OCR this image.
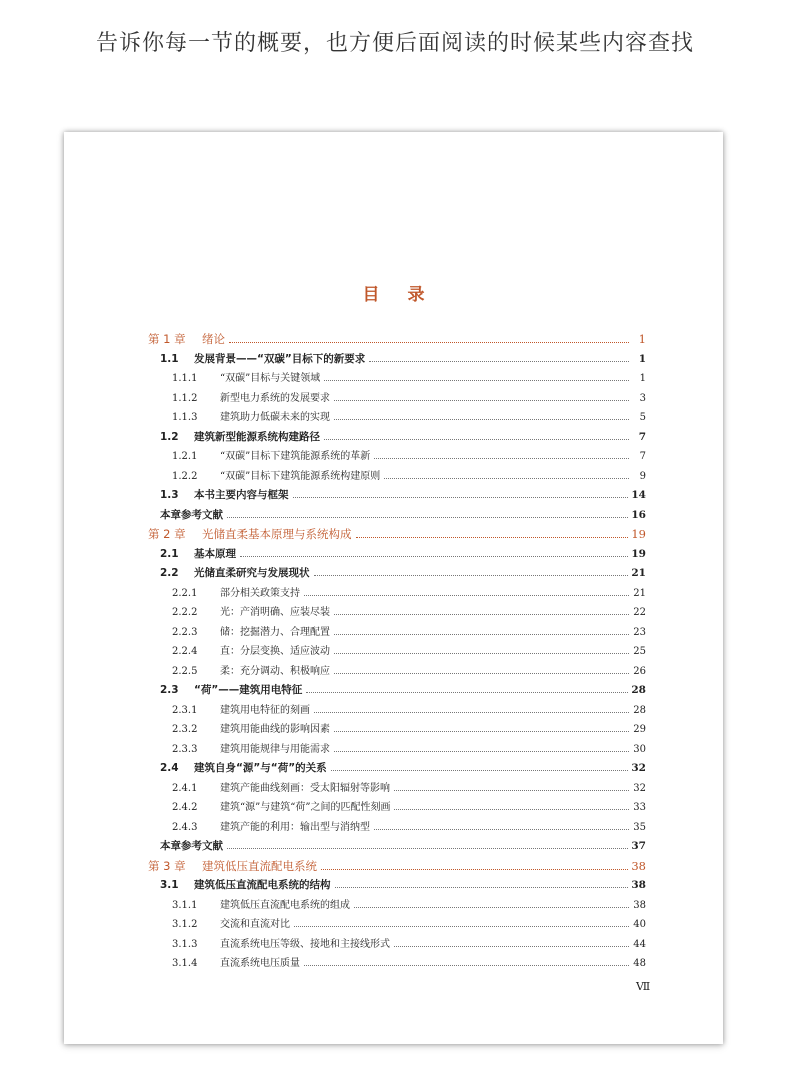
告诉你每一节的概要，也方便后面阅读的时候某些内容查找
目录
第 1 章	绪论	1
1.1	发展背景——“双碳”目标下的新要求	1
1.1.1	“双碳”目标与关键领域	1
1.1.2	新型电力系统的发展要求	3
1.1.3	建筑助力低碳未来的实现	5
1.2	建筑新型能源系统构建路径	7
1.2.1	“双碳”目标下建筑能源系统的革新	7
1.2.2	“双碳”目标下建筑能源系统构建原则	9
1.3	本书主要内容与框架	14
本章参考文献	16
第 2 章	光储直柔基本原理与系统构成	19
2.1	基本原理	19
2.2	光储直柔研究与发展现状	21
2.2.1	部分相关政策支持	21
2.2.2	光：产消明确、应装尽装	22
2.2.3	储：挖掘潜力、合理配置	23
2.2.4	直：分层变换、适应波动	25
2.2.5	柔：充分调动、积极响应	26
2.3	“荷”——建筑用电特征	28
2.3.1	建筑用电特征的刻画	28
2.3.2	建筑用能曲线的影响因素	29
2.3.3	建筑用能规律与用能需求	30
2.4	建筑自身“源”与“荷”的关系	32
2.4.1	建筑产能曲线刻画：受太阳辐射等影响	32
2.4.2	建筑“源”与建筑“荷”之间的匹配性刻画	33
2.4.3	建筑产能的利用：输出型与消纳型	35
本章参考文献	37
第 3 章	建筑低压直流配电系统	38
3.1	建筑低压直流配电系统的结构	38
3.1.1	建筑低压直流配电系统的组成	38
3.1.2	交流和直流对比	40
3.1.3	直流系统电压等级、接地和主接线形式	44
3.1.4	直流系统电压质量	48
Ⅶ
